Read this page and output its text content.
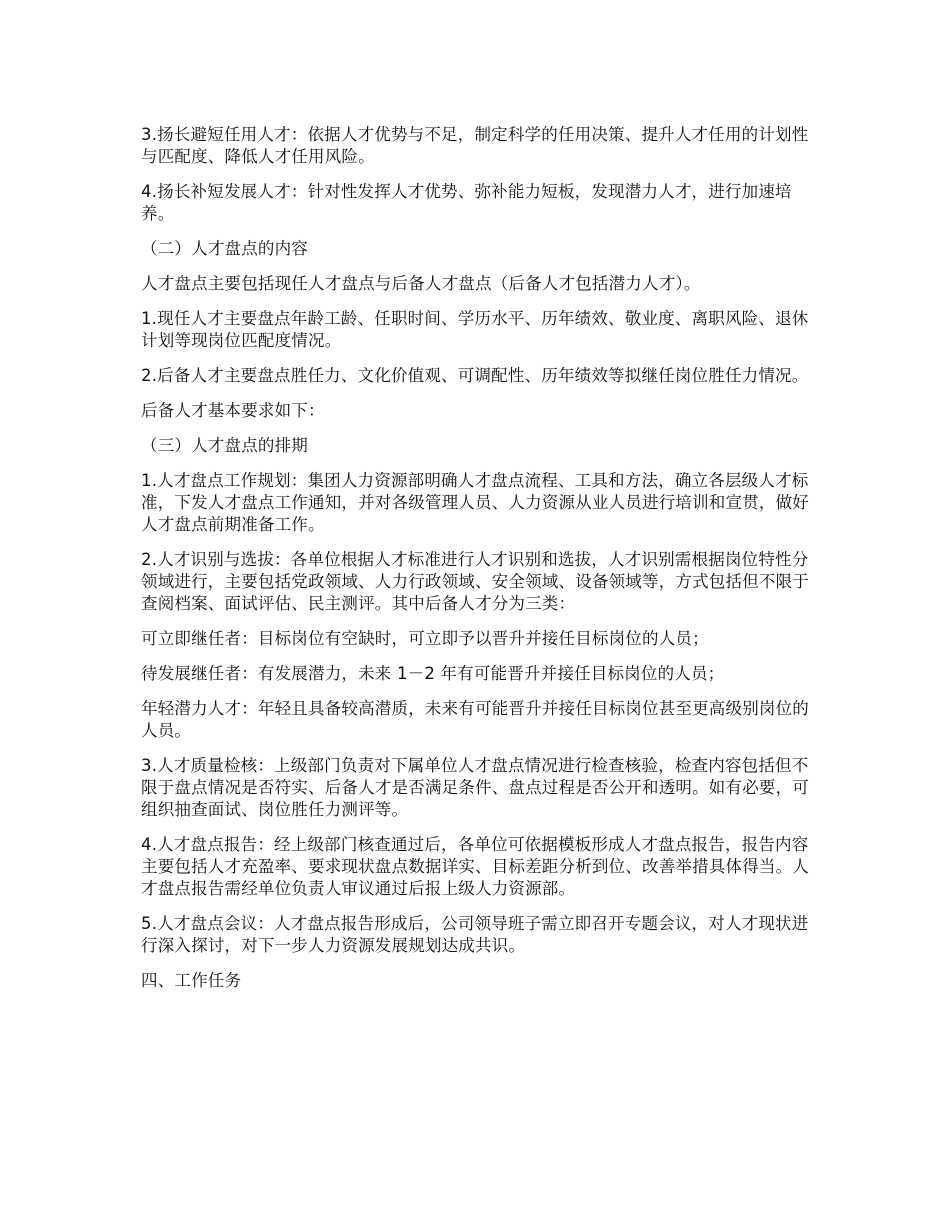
3.扬长避短任用人才：依据人才优势与不足，制定科学的任用决策、提升人才任用的计划性与匹配度、降低人才任用风险。

4.扬长补短发展人才：针对性发挥人才优势、弥补能力短板，发现潜力人才，进行加速培养。

（二）人才盘点的内容

人才盘点主要包括现任人才盘点与后备人才盘点（后备人才包括潜力人才）。

1.现任人才主要盘点年龄工龄、任职时间、学历水平、历年绩效、敬业度、离职风险、退休计划等现岗位匹配度情况。

2.后备人才主要盘点胜任力、文化价值观、可调配性、历年绩效等拟继任岗位胜任力情况。

后备人才基本要求如下：

（三）人才盘点的排期

1.人才盘点工作规划：集团人力资源部明确人才盘点流程、工具和方法，确立各层级人才标准，下发人才盘点工作通知，并对各级管理人员、人力资源从业人员进行培训和宣贯，做好人才盘点前期准备工作。

2.人才识别与选拔：各单位根据人才标准进行人才识别和选拔，人才识别需根据岗位特性分领域进行，主要包括党政领域、人力行政领域、安全领域、设备领域等，方式包括但不限于查阅档案、面试评估、民主测评。其中后备人才分为三类：

可立即继任者：目标岗位有空缺时，可立即予以晋升并接任目标岗位的人员；

待发展继任者：有发展潜力，未来 1－2 年有可能晋升并接任目标岗位的人员；

年轻潜力人才：年轻且具备较高潜质，未来有可能晋升并接任目标岗位甚至更高级别岗位的人员。

3.人才质量检核：上级部门负责对下属单位人才盘点情况进行检查核验，检查内容包括但不限于盘点情况是否符实、后备人才是否满足条件、盘点过程是否公开和透明。如有必要，可组织抽查面试、岗位胜任力测评等。

4.人才盘点报告：经上级部门核查通过后，各单位可依据模板形成人才盘点报告，报告内容主要包括人才充盈率、要求现状盘点数据详实、目标差距分析到位、改善举措具体得当。人才盘点报告需经单位负责人审议通过后报上级人力资源部。

5.人才盘点会议：人才盘点报告形成后，公司领导班子需立即召开专题会议，对人才现状进行深入探讨，对下一步人力资源发展规划达成共识。

四、工作任务
